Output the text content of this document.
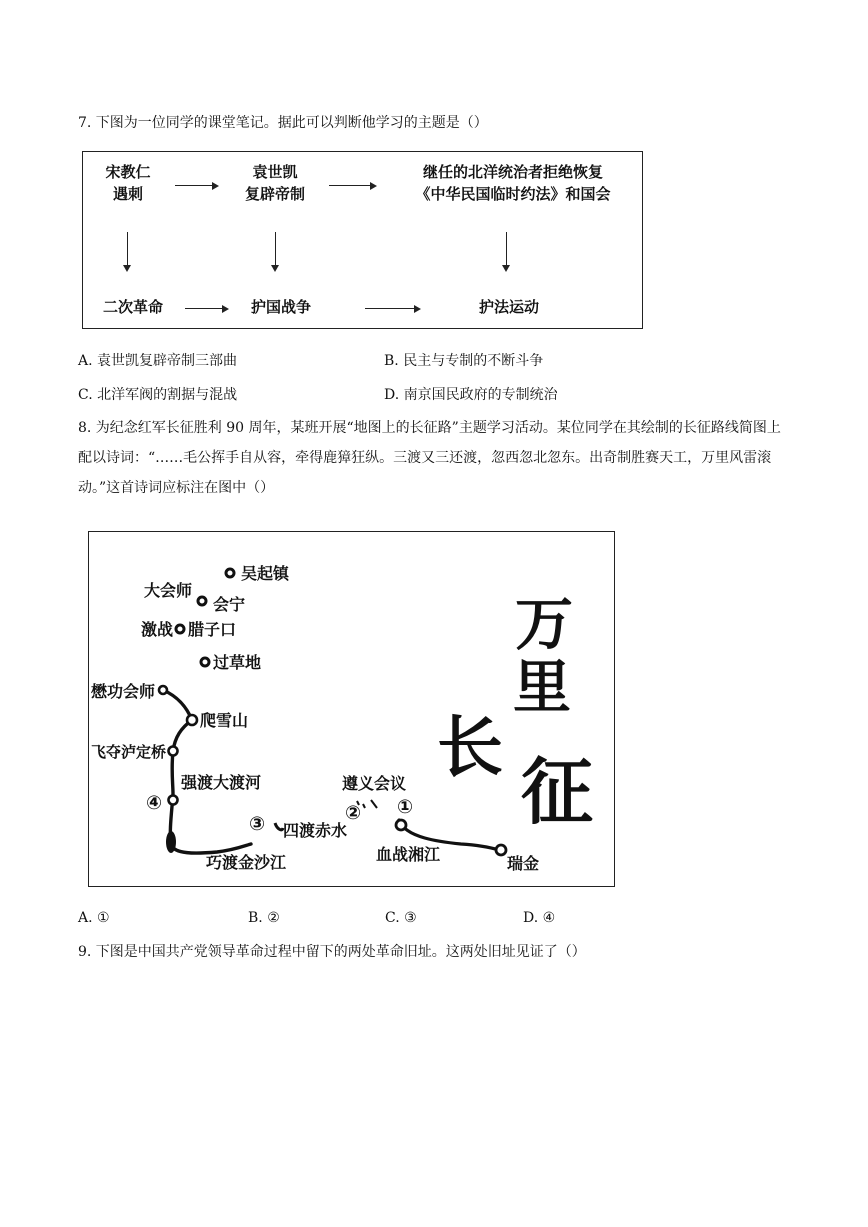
7. 下图为一位同学的课堂笔记。据此可以判断他学习的主题是（）
宋教仁
遇刺
袁世凯
复辟帝制
继任的北洋统治者拒绝恢复
《中华民国临时约法》和国会
二次革命	护国战争	护法运动
A. 袁世凯复辟帝制三部曲	B. 民主与专制的不断斗争
C. 北洋军阀的割据与混战	D. 南京国民政府的专制统治
8. 为纪念红军长征胜利 90 周年，某班开展“地图上的长征路”主题学习活动。某位同学在其绘制的长征路线简图上配以诗词：“……毛公挥手自从容，牵得鹿獐狂纵。三渡又三还渡，忽西忽北忽东。出奇制胜赛天工，万里风雷滚动。”这首诗词应标注在图中（）
吴起镇
大会师
会宁
激战 腊子口
过草地
懋功会师
爬雪山
飞夺泸定桥
强渡大渡河
巧渡金沙江
四渡赤水
遵义会议
血战湘江	瑞金
①
②
③
④
万
里
长
征
A. ①	B. ②	C. ③	D. ④
9. 下图是中国共产党领导革命过程中留下的两处革命旧址。这两处旧址见证了（）
